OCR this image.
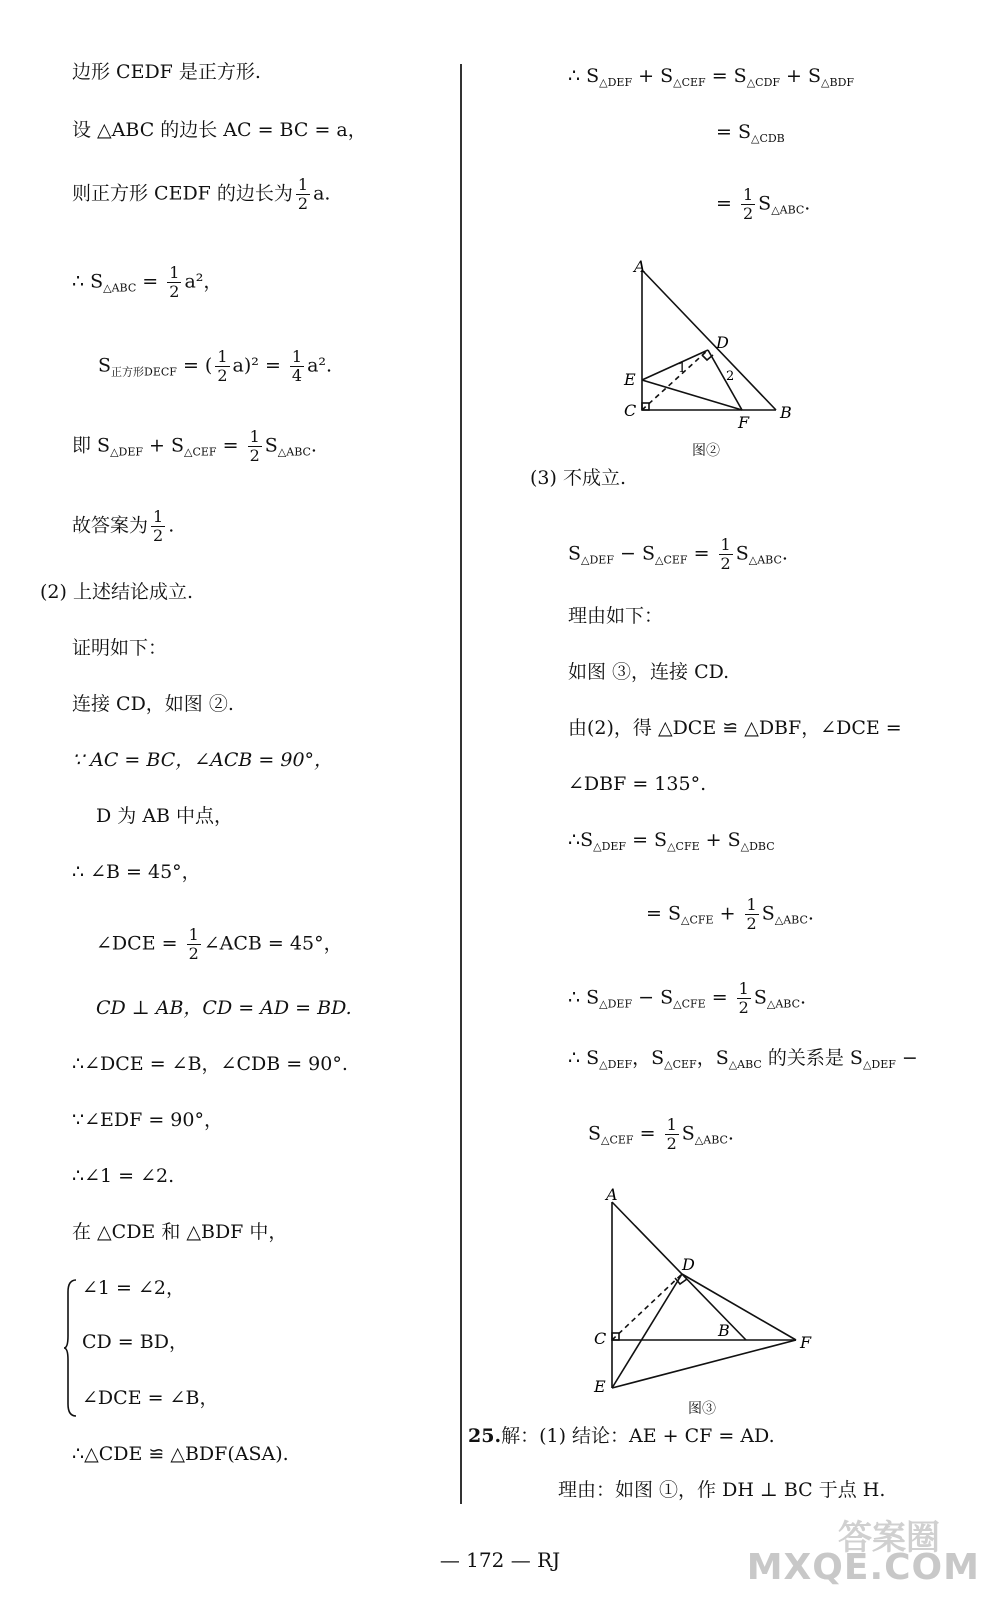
边形 CEDF 是正方形.
设 △ABC 的边长 AC = BC = a，
则正方形 CEDF 的边长为 $\frac{1}{2} a$.
∴ $S_{\triangle ABC} = \frac{1}{2} a^2$，
$S_{正方形DECF}$ = ( $\frac{1}{2} a)^2 = \frac{1}{4} a^2$.
即 $S_{\triangle DEF} + S_{\triangle CEF} = \frac{1}{2} S_{\triangle ABC}$.
故答案为 $\frac{1}{2}$ .
(2) 上述结论成立.
证明如下：
连接 CD，如图 ②.
∵ AC = BC，∠ACB = 90°，
D 为 AB 中点，
∴ ∠B = 45°，
∠DCE = $\frac{1}{2}$ ∠ACB = 45°，
CD ⊥ AB，CD = AD = BD.
∴∠DCE = ∠B，∠CDB = 90°.
∵∠EDF = 90°，
∴∠1 = ∠2.
在 △CDE 和 △BDF 中，
∠1 = ∠2，
CD = BD，
∠DCE = ∠B，
∴△CDE ≌ △BDF(ASA).
∴ $S_{\triangle DEF} + S_{\triangle CEF} = S_{\triangle CDF} + S_{\triangle BDF}$
= $S_{\triangle CDB}$
= $\frac{1}{2} S_{\triangle ABC}$.
A
D
E
C
F
B
1
2
图②
(3) 不成立.
$S_{\triangle DEF} - S_{\triangle CEF} = \frac{1}{2} S_{\triangle ABC}$.
理由如下：
如图 ③，连接 CD.
由(2)，得 △DCE ≌ △DBF，∠DCE =
∠DBF = 135°.
$\therefore S_{\triangle DEF} = S_{\triangle CFE} + S_{\triangle DBC}$
= $S_{\triangle CFE} + \frac{1}{2} S_{\triangle ABC}$.
∴ $S_{\triangle DEF} - S_{\triangle CFE} = \frac{1}{2} S_{\triangle ABC}$.
∴ $S_{\triangle DEF}$，$S_{\triangle CEF}$，$S_{\triangle ABC}$ 的关系是 $S_{\triangle DEF}$ −
$S_{\triangle CEF} = \frac{1}{2} S_{\triangle ABC}$.
A
D
C	B
F
E
图③
25.解：(1) 结论：AE + CF = AD.
理由：如图 ①，作 DH ⊥ BC 于点 H.
答案圈
— 172 — RJ	MXQE.COM
